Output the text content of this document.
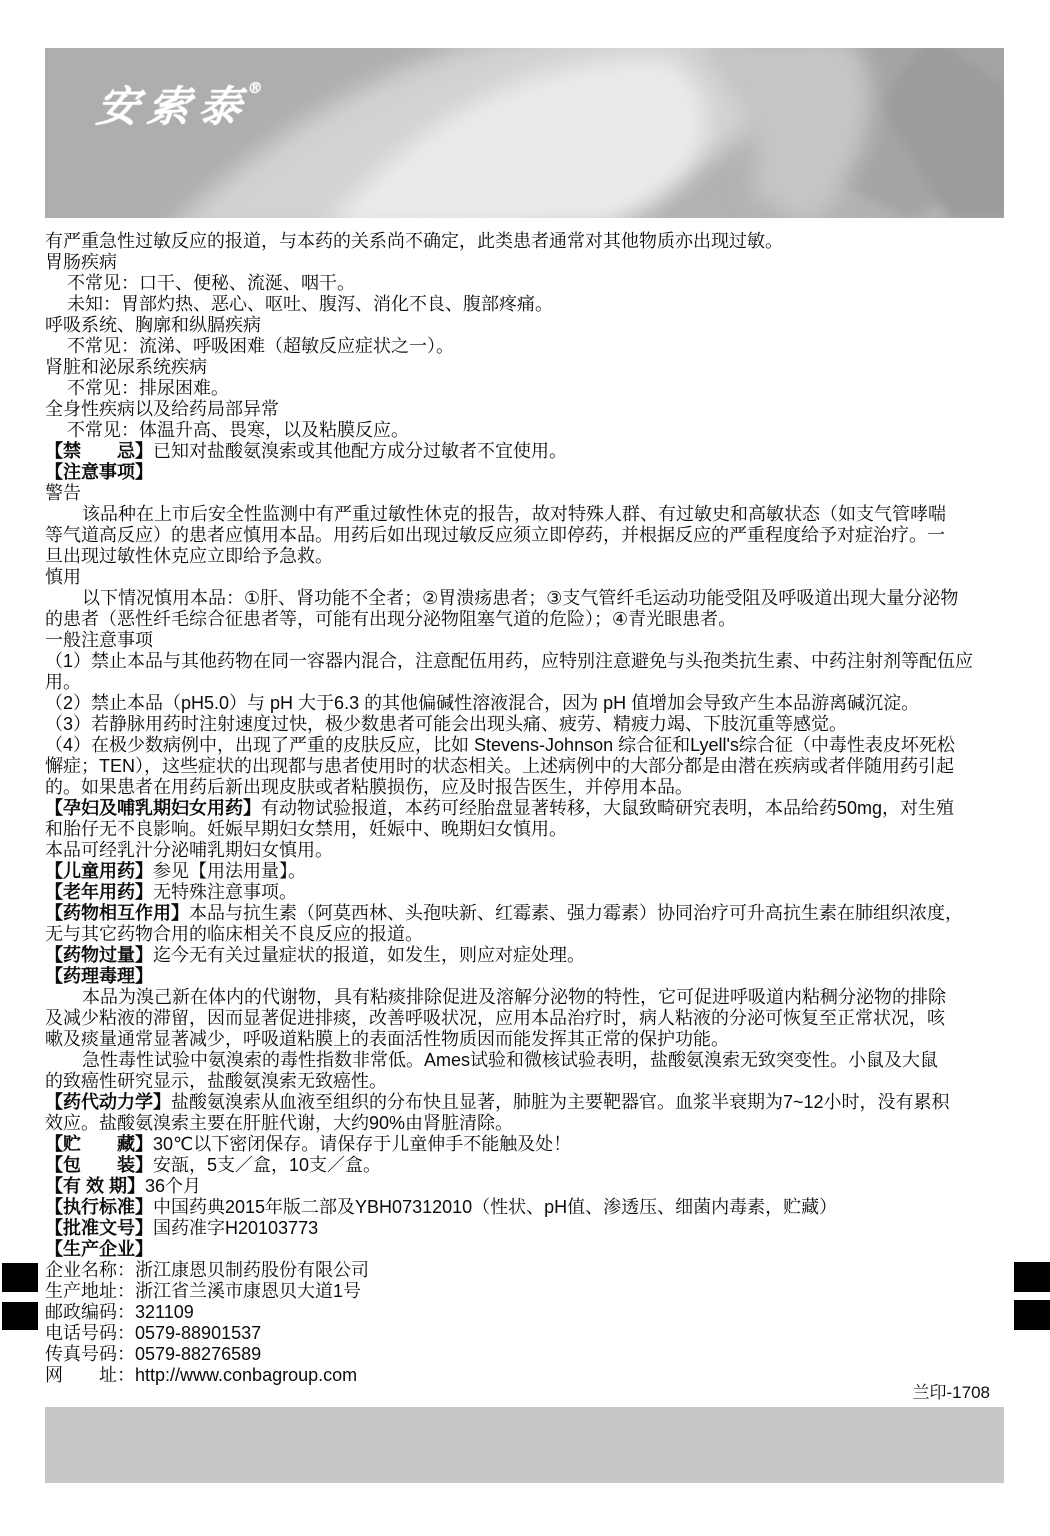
安索泰®
有严重急性过敏反应的报道，与本药的关系尚不确定，此类患者通常对其他物质亦出现过敏。
胃肠疾病
不常见：口干、便秘、流涎、咽干。
未知：胃部灼热、恶心、呕吐、腹泻、消化不良、腹部疼痛。
呼吸系统、胸廓和纵膈疾病
不常见：流涕、呼吸困难（超敏反应症状之一）。
肾脏和泌尿系统疾病
不常见：排尿困难。
全身性疾病以及给药局部异常
不常见：体温升高、畏寒，以及粘膜反应。
【禁　　忌】已知对盐酸氨溴索或其他配方成分过敏者不宜使用。
【注意事项】
警告
该品种在上市后安全性监测中有严重过敏性休克的报告，故对特殊人群、有过敏史和高敏状态（如支气管哮喘
等气道高反应）的患者应慎用本品。用药后如出现过敏反应须立即停药，并根据反应的严重程度给予对症治疗。一
旦出现过敏性休克应立即给予急救。
慎用
以下情况慎用本品：①肝、肾功能不全者；②胃溃疡患者；③支气管纤毛运动功能受阻及呼吸道出现大量分泌物
的患者（恶性纤毛综合征患者等，可能有出现分泌物阻塞气道的危险）；④青光眼患者。
一般注意事项
（1）禁止本品与其他药物在同一容器内混合，注意配伍用药，应特别注意避免与头孢类抗生素、中药注射剂等配伍应
用。
（2）禁止本品（pH5.0）与 pH 大于6.3 的其他偏碱性溶液混合，因为 pH 值增加会导致产生本品游离碱沉淀。
（3）若静脉用药时注射速度过快，极少数患者可能会出现头痛、疲劳、精疲力竭、下肢沉重等感觉。
（4）在极少数病例中，出现了严重的皮肤反应，比如 Stevens-Johnson 综合征和Lyell's综合征（中毒性表皮坏死松
懈症；TEN），这些症状的出现都与患者使用时的状态相关。上述病例中的大部分都是由潜在疾病或者伴随用药引起
的。如果患者在用药后新出现皮肤或者粘膜损伤，应及时报告医生，并停用本品。
【孕妇及哺乳期妇女用药】有动物试验报道，本药可经胎盘显著转移，大鼠致畸研究表明，本品给药50mg，对生殖
和胎仔无不良影响。妊娠早期妇女禁用，妊娠中、晚期妇女慎用。
本品可经乳汁分泌哺乳期妇女慎用。
【儿童用药】参见【用法用量】。
【老年用药】无特殊注意事项。
【药物相互作用】本品与抗生素（阿莫西林、头孢呋新、红霉素、强力霉素）协同治疗可升高抗生素在肺组织浓度，
无与其它药物合用的临床相关不良反应的报道。
【药物过量】迄今无有关过量症状的报道，如发生，则应对症处理。
【药理毒理】
本品为溴己新在体内的代谢物，具有粘痰排除促进及溶解分泌物的特性，它可促进呼吸道内粘稠分泌物的排除
及减少粘液的滞留，因而显著促进排痰，改善呼吸状况，应用本品治疗时，病人粘液的分泌可恢复至正常状况，咳
嗽及痰量通常显著减少，呼吸道粘膜上的表面活性物质因而能发挥其正常的保护功能。
急性毒性试验中氨溴索的毒性指数非常低。Ames试验和微核试验表明，盐酸氨溴索无致突变性。小鼠及大鼠
的致癌性研究显示，盐酸氨溴索无致癌性。
【药代动力学】盐酸氨溴索从血液至组织的分布快且显著，肺脏为主要靶器官。血浆半衰期为7~12小时，没有累积
效应。盐酸氨溴索主要在肝脏代谢，大约90%由肾脏清除。
【贮　　藏】30℃以下密闭保存。请保存于儿童伸手不能触及处！
【包　　装】安瓿，5支／盒，10支／盒。
【有 效 期】36个月
【执行标准】中国药典2015年版二部及YBH07312010（性状、pH值、渗透压、细菌内毒素，贮藏）
【批准文号】国药准字H20103773
【生产企业】
企业名称：浙江康恩贝制药股份有限公司
生产地址：浙江省兰溪市康恩贝大道1号
邮政编码：321109
电话号码：0579-88901537
传真号码：0579-88276589
网　　址：http://www.conbagroup.com
兰印-1708
